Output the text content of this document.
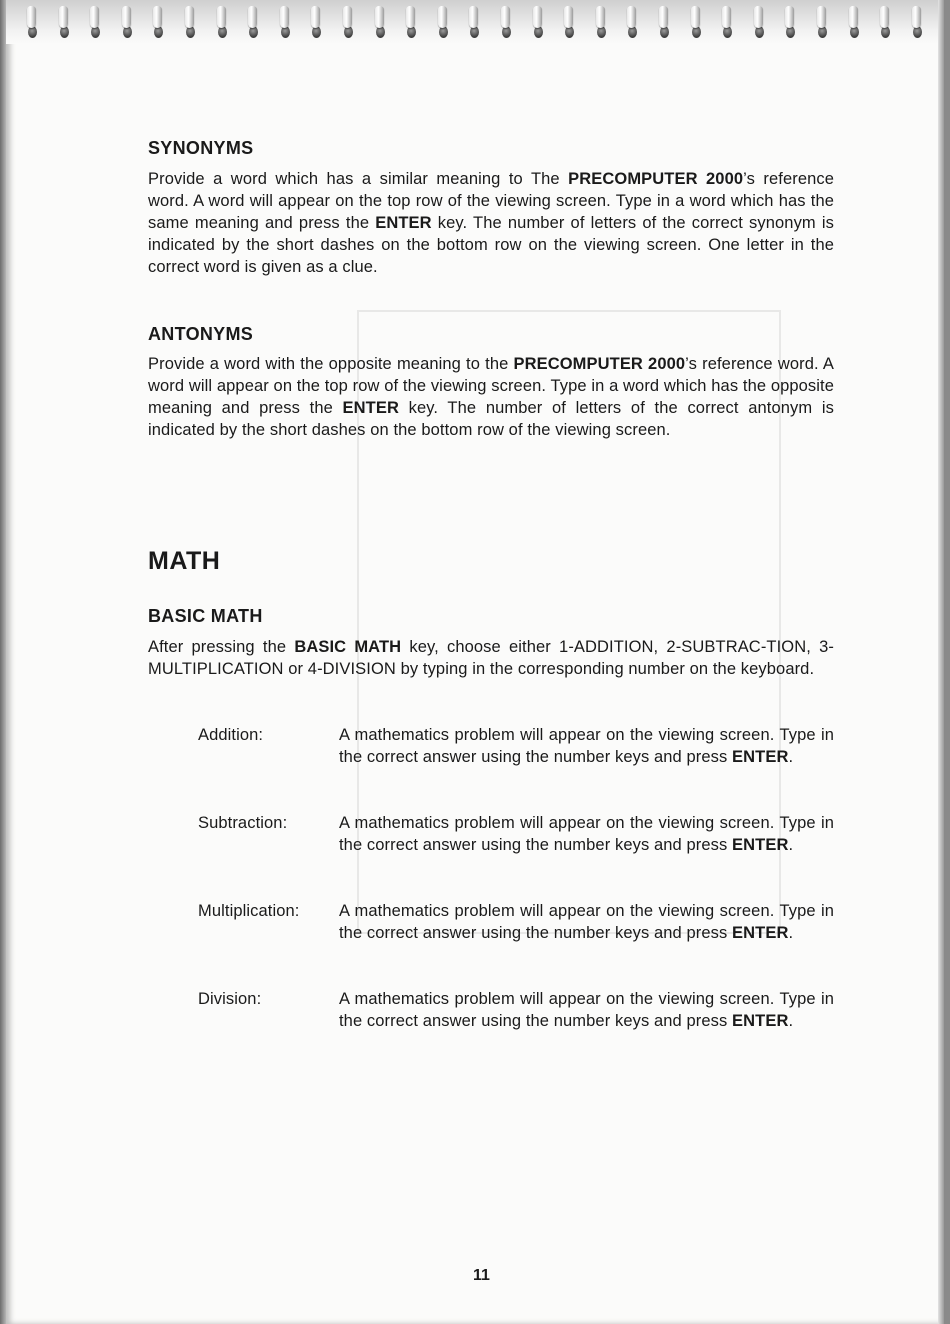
SYNONYMS
Provide a word which has a similar meaning to The PRECOMPUTER 2000’s reference word. A word will appear on the top row of the viewing screen. Type in a word which has the same meaning and press the ENTER key. The number of letters of the correct synonym is indicated by the short dashes on the bottom row on the viewing screen. One letter in the correct word is given as a clue.
ANTONYMS
Provide a word with the opposite meaning to the PRECOMPUTER 2000’s reference word. A word will appear on the top row of the viewing screen. Type in a word which has the opposite meaning and press the ENTER key. The number of letters of the correct antonym is indicated by the short dashes on the bottom row of the viewing screen.
MATH
BASIC MATH
After pressing the BASIC MATH key, choose either 1-ADDITION, 2-SUBTRAC-TION, 3-MULTIPLICATION or 4-DIVISION by typing in the corresponding number on the keyboard.
Addition:	A mathematics problem will appear on the viewing screen. Type in the correct answer using the number keys and press ENTER.
Subtraction:	A mathematics problem will appear on the viewing screen. Type in the correct answer using the number keys and press ENTER.
Multiplication: A mathematics problem will appear on the viewing screen. Type in the correct answer using the number keys and press ENTER.
Division:	A mathematics problem will appear on the viewing screen. Type in the correct answer using the number keys and press ENTER.
11
